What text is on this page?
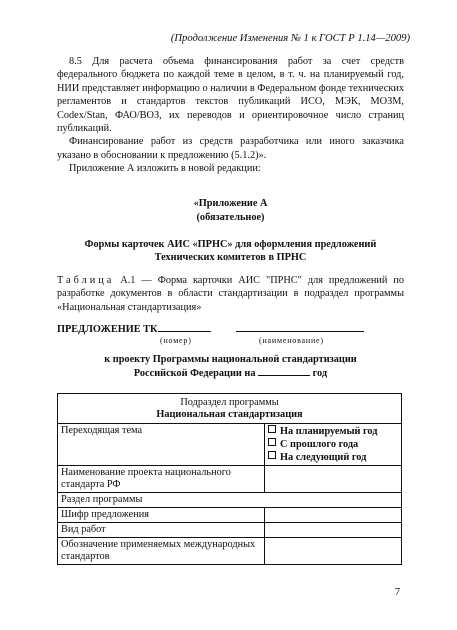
(Продолжение Изменения № 1 к ГОСТ Р 1.14—2009)

8.5 Для расчета объема финансирования работ за счет средств федерального бюджета по каждой теме в целом, в т. ч. на планируемый год, НИИ представляет информацию о наличии в Федеральном фонде технических регламентов и стандартов текстов публикаций ИСО, МЭК, МОЗМ, Codex/Stan, ФАО/ВОЗ, их переводов и ориентировочное число страниц публикаций.

Финансирование работ из средств разработчика или иного заказчика указано в обосновании к предложению (5.1.2)».

Приложение А изложить в новой редакции:

«Приложение А
(обязательное)
Формы карточек АИС «ПРНС» для оформления предложений
Технических комитетов в ПРНС
Таблица А.1 — Форма карточки АИС "ПРНС" для предложений по разработке документов в области стандартизации в подраздел программы «Национальная стандартизация»
ПРЕДЛОЖЕНИЕ ТК
(номер)	(наименование)
к проекту Программы национальной стандартизации
Российской Федерации на	год
Подраздел программы
Национальная стандартизация	

Переходящая тема	На планируемый год
С прошлого года
На следующий год

Наименование проекта национального стандарта РФ	
Раздел программы	
Шифр предложения	
Вид работ	
Обозначение применяемых международных стандартов	
7
